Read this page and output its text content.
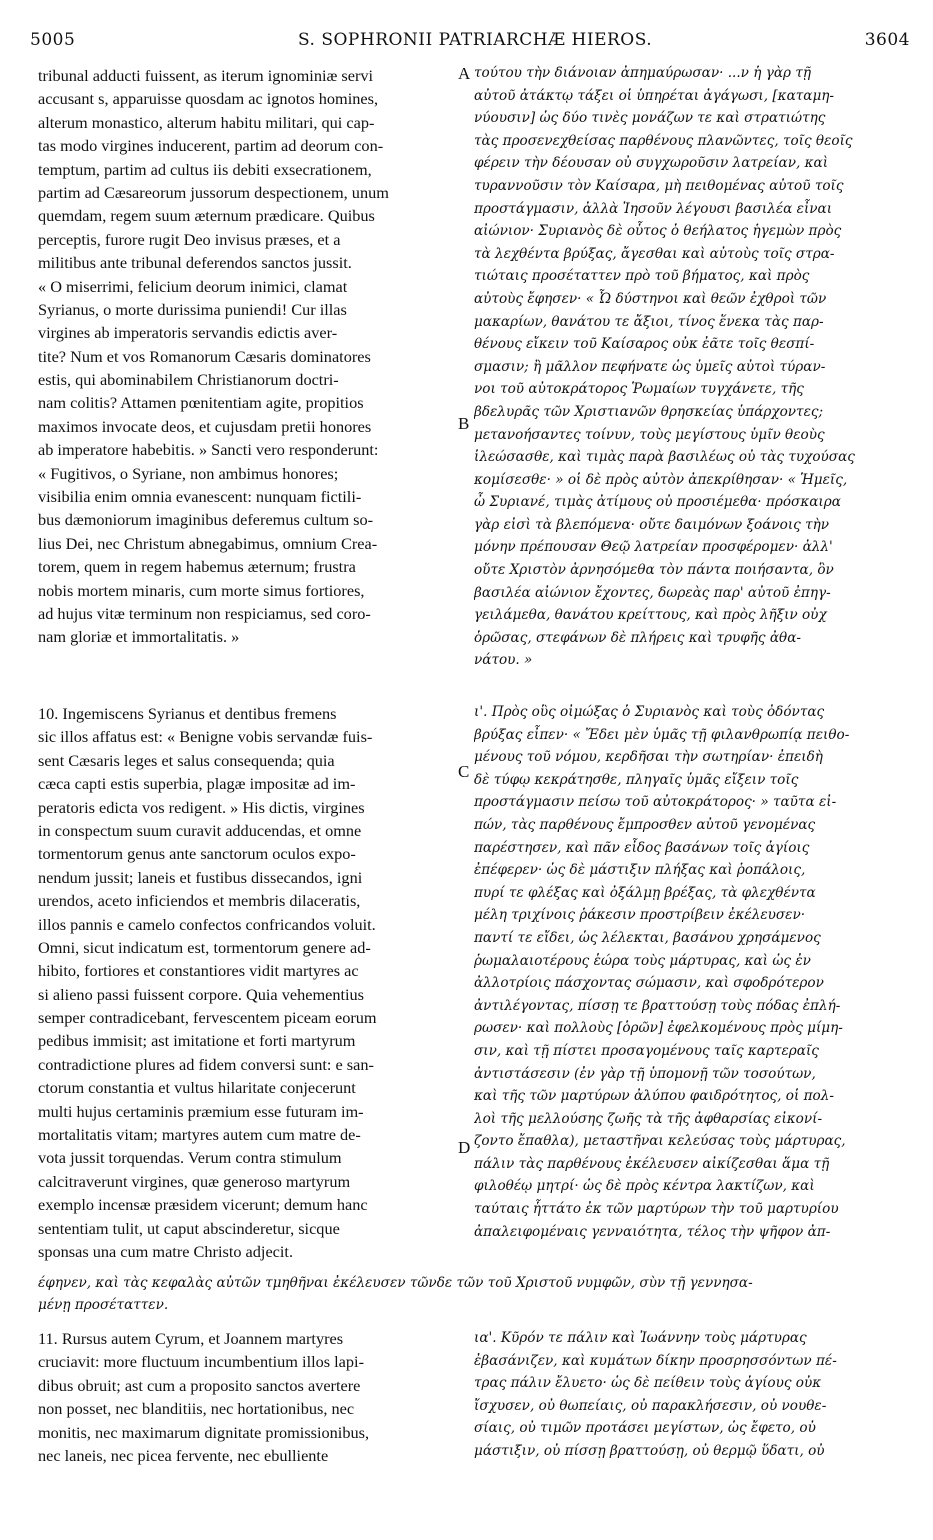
5005	S. SOPHRONII PATRIARCHÆ HIEROS.	3604
tribunal adducti fuissent, as iterum ignominiæ servi
accusant s, apparuisse quosdam ac ignotos homines,
alterum monastico, alterum habitu militari, qui cap-
tas modo virgines inducerent, partim ad deorum con-
temptum, partim ad cultus iis debiti exsecrationem,
partim ad Cæsareorum jussorum despectionem, unum
quemdam, regem suum æternum prædicare. Quibus
perceptis, furore rugit Deo invisus præses, et a
militibus ante tribunal deferendos sanctos jussit.
« O miserrimi, felicium deorum inimici, clamat
Syrianus, o morte durissima puniendi! Cur illas
virgines ab imperatoris servandis edictis aver-
tite? Num et vos Romanorum Cæsaris dominatores
estis, qui abominabilem Christianorum doctri-
nam colitis? Attamen pœnitentiam agite, propitios
maximos invocate deos, et cujusdam pretii honores
ab imperatore habebitis. » Sancti vero responderunt:
« Fugitivos, o Syriane, non ambimus honores;
visibilia enim omnia evanescent: nunquam fictili-
bus dæmoniorum imaginibus deferemus cultum so-
lius Dei, nec Christum abnegabimus, omnium Crea-
torem, quem in regem habemus æternum; frustra
nobis mortem minaris, cum morte simus fortiores,
ad hujus vitæ terminum non respiciamus, sed coro-
nam gloriæ et immortalitatis. »
10. Ingemiscens Syrianus et dentibus fremens
sic illos affatus est: « Benigne vobis servandæ fuis-
sent Cæsaris leges et salus consequenda; quia
cæca capti estis superbia, plagæ impositæ ad im-
peratoris edicta vos redigent. » His dictis, virgines
in conspectum suum curavit adducendas, et omne
tormentorum genus ante sanctorum oculos expo-
nendum jussit; laneis et fustibus dissecandos, igni
urendos, aceto inficiendos et membris dilaceratis,
illos pannis e camelo confectos confricandos voluit.
Omni, sicut indicatum est, tormentorum genere ad-
hibito, fortiores et constantiores vidit martyres ac
si alieno passi fuissent corpore. Quia vehementius
semper contradicebant, fervescentem piceam eorum
pedibus immisit; ast imitatione et forti martyrum
contradictione plures ad fidem conversi sunt: e san-
ctorum constantia et vultus hilaritate conjecerunt
multi hujus certaminis præmium esse futuram im-
mortalitatis vitam; martyres autem cum matre de-
vota jussit torquendas. Verum contra stimulum
calcitraverunt virgines, quæ generoso martyrum
exemplo incensæ præsidem vicerunt; demum hanc
sententiam tulit, ut caput abscinderetur, sicque
sponsas una cum matre Christo adjecit.
11. Rursus autem Cyrum, et Joannem martyres
cruciavit: more fluctuum incumbentium illos lapi-
dibus obruit; ast cum a proposito sanctos avertere
non posset, nec blanditiis, nec hortationibus, nec
monitis, nec maximarum dignitate promissionibus,
nec laneis, nec picea fervente, nec ebulliente
τούτου τὴν διάνοιαν ἀπημαύρωσαν· ...ν ἡ γὰρ τῇ
αὐτοῦ ἀτάκτῳ τάξει οἱ ὑπηρέται ἀγάγωσι, [καταμη-
νύουσιν] ὡς δύο τινὲς μονάζων τε καὶ στρατιώτης
τὰς προσενεχθείσας παρθένους πλανῶντες, τοῖς θεοῖς
φέρειν τὴν δέουσαν οὐ συγχωροῦσιν λατρείαν, καὶ
τυραννοῦσιν τὸν Καίσαρα, μὴ πειθομένας αὐτοῦ τοῖς
προστάγμασιν, ἀλλὰ Ἰησοῦν λέγουσι βασιλέα εἶναι
αἰώνιον· Συριανὸς δὲ οὗτος ὁ θεήλατος ἡγεμὼν πρὸς
τὰ λεχθέντα βρύξας, ἄγεσθαι καὶ αὐτοὺς τοῖς στρα-
τιώταις προσέταττεν πρὸ τοῦ βήματος, καὶ πρὸς
αὐτοὺς ἔφησεν· « Ὦ δύστηνοι καὶ θεῶν ἐχθροὶ τῶν
μακαρίων, θανάτου τε ἄξιοι, τίνος ἕνεκα τὰς παρ-
θένους εἴκειν τοῦ Καίσαρος οὐκ ἐᾶτε τοῖς θεσπί-
σμασιν; ἢ μᾶλλον πεφήνατε ὡς ὑμεῖς αὐτοὶ τύραν-
νοι τοῦ αὐτοκράτορος Ῥωμαίων τυγχάνετε, τῆς
βδελυρᾶς τῶν Χριστιανῶν θρησκείας ὑπάρχοντες;
μετανοήσαντες τοίνυν, τοὺς μεγίστους ὑμῖν θεοὺς
ἱλεώσασθε, καὶ τιμὰς παρὰ βασιλέως οὐ τὰς τυχούσας
κομίσεσθε· » οἱ δὲ πρὸς αὐτὸν ἀπεκρίθησαν· « Ἡμεῖς,
ὦ Συριανέ, τιμὰς ἀτίμους οὐ προσιέμεθα· πρόσκαιρα
γὰρ εἰσὶ τὰ βλεπόμενα· οὔτε δαιμόνων ξοάνοις τὴν
μόνην πρέπουσαν Θεῷ λατρείαν προσφέρομεν· ἀλλ'
οὔτε Χριστὸν ἀρνησόμεθα τὸν πάντα ποιήσαντα, ὃν
βασιλέα αἰώνιον ἔχοντες, δωρεὰς παρ' αὐτοῦ ἐπηγ-
γειλάμεθα, θανάτου κρείττους, καὶ πρὸς λῆξιν οὐχ
ὁρῶσας, στεφάνων δὲ πλήρεις καὶ τρυφῆς ἀθα-
νάτου. »
ι'. Πρὸς οὓς οἰμώξας ὁ Συριανὸς καὶ τοὺς ὀδόντας
βρύξας εἶπεν· « Ἔδει μὲν ὑμᾶς τῇ φιλανθρωπίᾳ πειθο-
μένους τοῦ νόμου, κερδῆσαι τὴν σωτηρίαν· ἐπειδὴ
δὲ τύφῳ κεκράτησθε, πληγαῖς ὑμᾶς εἴξειν τοῖς
προστάγμασιν πείσω τοῦ αὐτοκράτορος· » ταῦτα εἰ-
πών, τὰς παρθένους ἔμπροσθεν αὐτοῦ γενομένας
παρέστησεν, καὶ πᾶν εἶδος βασάνων τοῖς ἁγίοις
ἐπέφερεν· ὡς δὲ μάστιξιν πλήξας καὶ ῥοπάλοις,
πυρί τε φλέξας καὶ ὀξάλμῃ βρέξας, τὰ φλεχθέντα
μέλη τριχίνοις ῥάκεσιν προστρίβειν ἐκέλευσεν·
παντί τε εἴδει, ὡς λέλεκται, βασάνου χρησάμενος
ῥωμαλαιοτέρους ἑώρα τοὺς μάρτυρας, καὶ ὡς ἐν
ἀλλοτρίοις πάσχοντας σώμασιν, καὶ σφοδρότερον
ἀντιλέγοντας, πίσσῃ τε βραττούσῃ τοὺς πόδας ἐπλή-
ρωσεν· καὶ πολλοὺς [ὁρῶν] ἐφελκομένους πρὸς μίμη-
σιν, καὶ τῇ πίστει προσαγομένους ταῖς καρτεραῖς
ἀντιστάσεσιν (ἐν γὰρ τῇ ὑπομονῇ τῶν τοσούτων,
καὶ τῆς τῶν μαρτύρων ἀλύπου φαιδρότητος, οἱ πολ-
λοὶ τῆς μελλούσης ζωῆς τὰ τῆς ἀφθαρσίας εἰκονί-
ζοντο ἔπαθλα), μεταστῆναι κελεύσας τοὺς μάρτυρας,
πάλιν τὰς παρθένους ἐκέλευσεν αἰκίζεσθαι ἅμα τῇ
φιλοθέῳ μητρί· ὡς δὲ πρὸς κέντρα λακτίζων, καὶ
ταύταις ἧττάτο ἐκ τῶν μαρτύρων τὴν τοῦ μαρτυρίου
ἀπαλειφομέναις γενναιότητα, τέλος τὴν ψῆφον ἀπ-
έφηνεν, καὶ τὰς κεφαλὰς αὐτῶν τμηθῆναι ἐκέλευσεν τῶνδε τῶν τοῦ Χριστοῦ νυμφῶν, σὺν τῇ γεννησα-
μένῃ προσέταττεν.
ια'. Κῦρόν τε πάλιν καὶ Ἰωάννην τοὺς μάρτυρας
ἐβασάνιζεν, καὶ κυμάτων δίκην προσρησσόντων πέ-
τρας πάλιν ἔλυετο· ὡς δὲ πείθειν τοὺς ἁγίους οὐκ
ἴσχυσεν, οὐ θωπείαις, οὐ παρακλήσεσιν, οὐ νουθε-
σίαις, οὐ τιμῶν προτάσει μεγίστων, ὡς ἔφετο, οὐ
μάστιξιν, οὐ πίσσῃ βραττούσῃ, οὐ θερμῷ ὕδατι, οὐ
A
B
C
D
